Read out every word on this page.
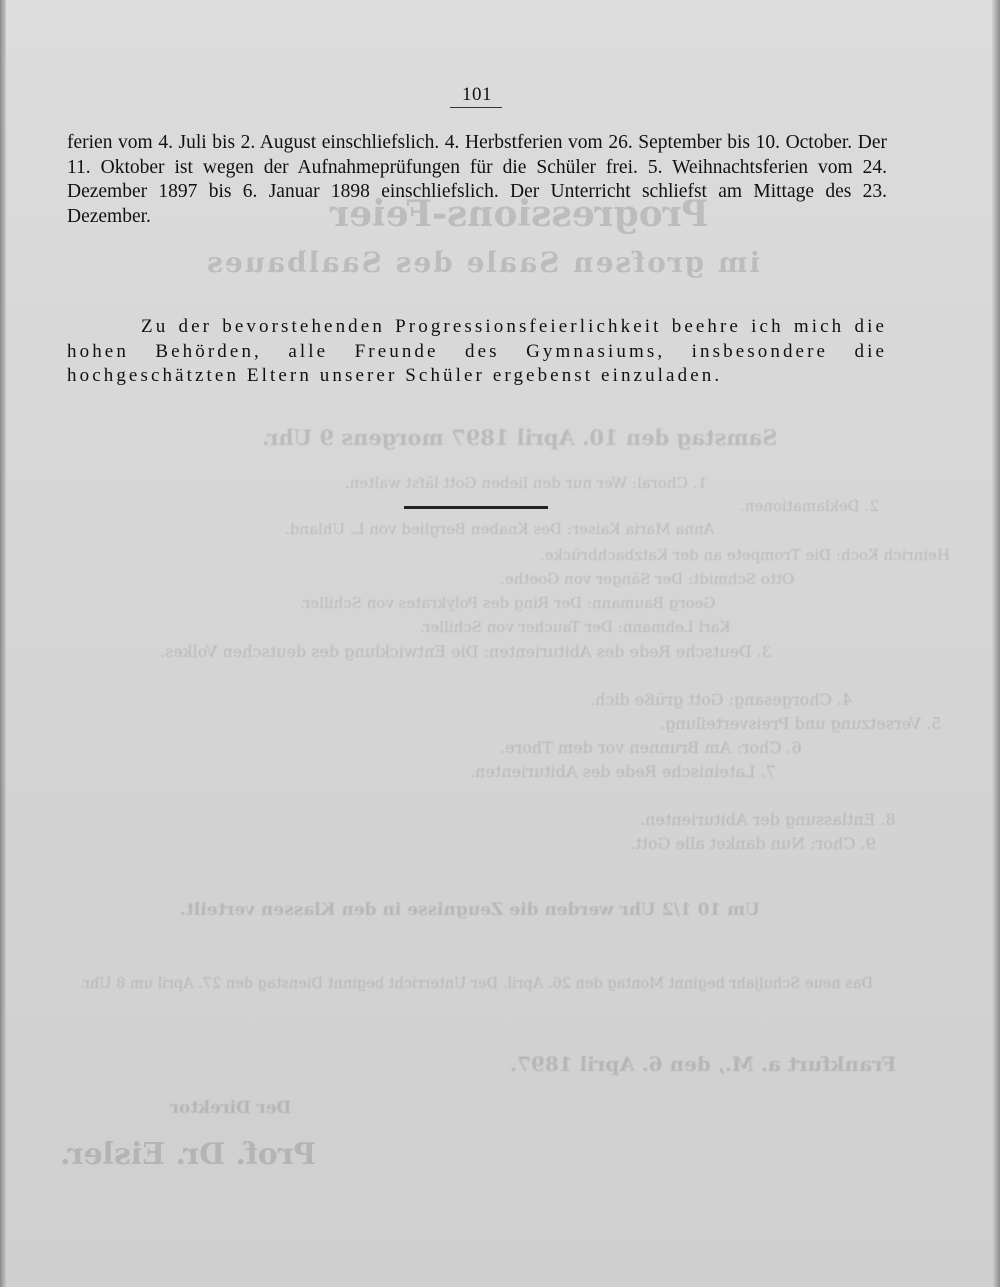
Progressions-Feier
im grofsen Saale des Saalbaues
Samstag den 10. April 1897 morgens 9 Uhr.
1. Choral: Wer nur den lieben Gott läfst walten.
2. Deklamationen.
Anna Maria Kaiser: Des Knaben Berglied von L. Uhland.
Heinrich Koch: Die Trompete an der Katzbachbrücke.
Otto Schmidt: Der Sänger von Goethe.
Georg Baumann: Der Ring des Polykrates von Schiller.
Karl Lehmann: Der Taucher von Schiller.
3. Deutsche Rede des Abiturienten: Die Entwicklung des deutschen Volkes.
4. Chorgesang: Gott grüße dich.
5. Versetzung und Preisverteilung.
6. Chor: Am Brunnen vor dem Thore.
7. Lateinische Rede des Abiturienten.
8. Entlassung der Abiturienten.
9. Chor: Nun danket alle Gott.
Um 10 1/2 Uhr werden die Zeugnisse in den Klassen verteilt.
Das neue Schuljahr beginnt Montag den 26. April. Der Unterricht beginnt Dienstag den 27. April um 8 Uhr.
Frankfurt a. M., den 6. April 1897.
Der Direktor
Prof. Dr. Eisler.
101

ferien vom 4. Juli bis 2. August einschliefslich. 4. Herbstferien vom 26. September bis 10. October. Der 11. Oktober ist wegen der Aufnahmeprüfungen für die Schüler frei. 5. Weihnachtsferien vom 24. Dezember 1897 bis 6. Januar 1898 einschliefslich. Der Unterricht schliefst am Mittage des 23. Dezember.

Zu der bevorstehenden Progressionsfeierlichkeit beehre ich mich die hohen Behörden, alle Freunde des Gymnasiums, insbesondere die hochgeschätzten Eltern unserer Schüler ergebenst einzuladen.
